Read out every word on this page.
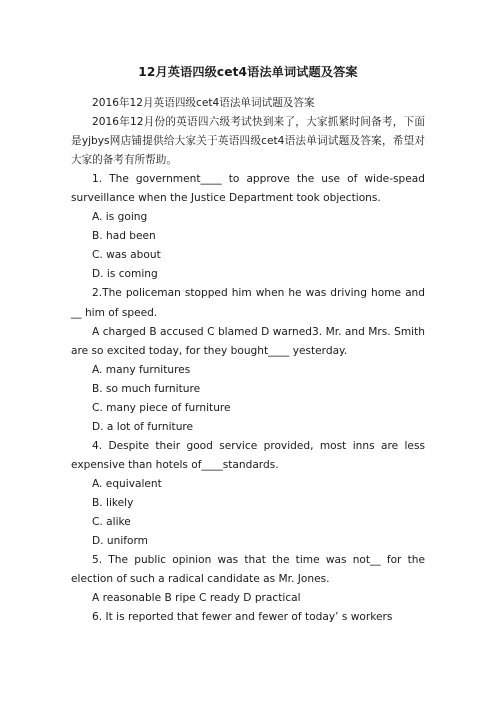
12月英语四级cet4语法单词试题及答案

2016年12月英语四级cet4语法单词试题及答案

2016年12月份的英语四六级考试快到来了，大家抓紧时间备考，下面是yjbys网店铺提供给大家关于英语四级cet4语法单词试题及答案，希望对大家的备考有所帮助。

1. The government____ to approve the use of wide-spead surveillance when the Justice Department took objections.

A. is going
B. had been
C. was about
D. is coming

2.The policeman stopped him when he was driving home and __ him of speed.

A charged B accused C blamed D warned3. Mr. and Mrs. Smith are so excited today, for they bought____ yesterday.

A. many furnitures
B. so much furniture
C. many piece of furniture
D. a lot of furniture

4. Despite their good service provided, most inns are less expensive than hotels of____standards.

A. equivalent
B. likely
C. alike
D. uniform

5. The public opinion was that the time was not__ for the election of such a radical candidate as Mr. Jones.

A reasonable B ripe C ready D practical

6. It is reported that fewer and fewer of today’ s workers
